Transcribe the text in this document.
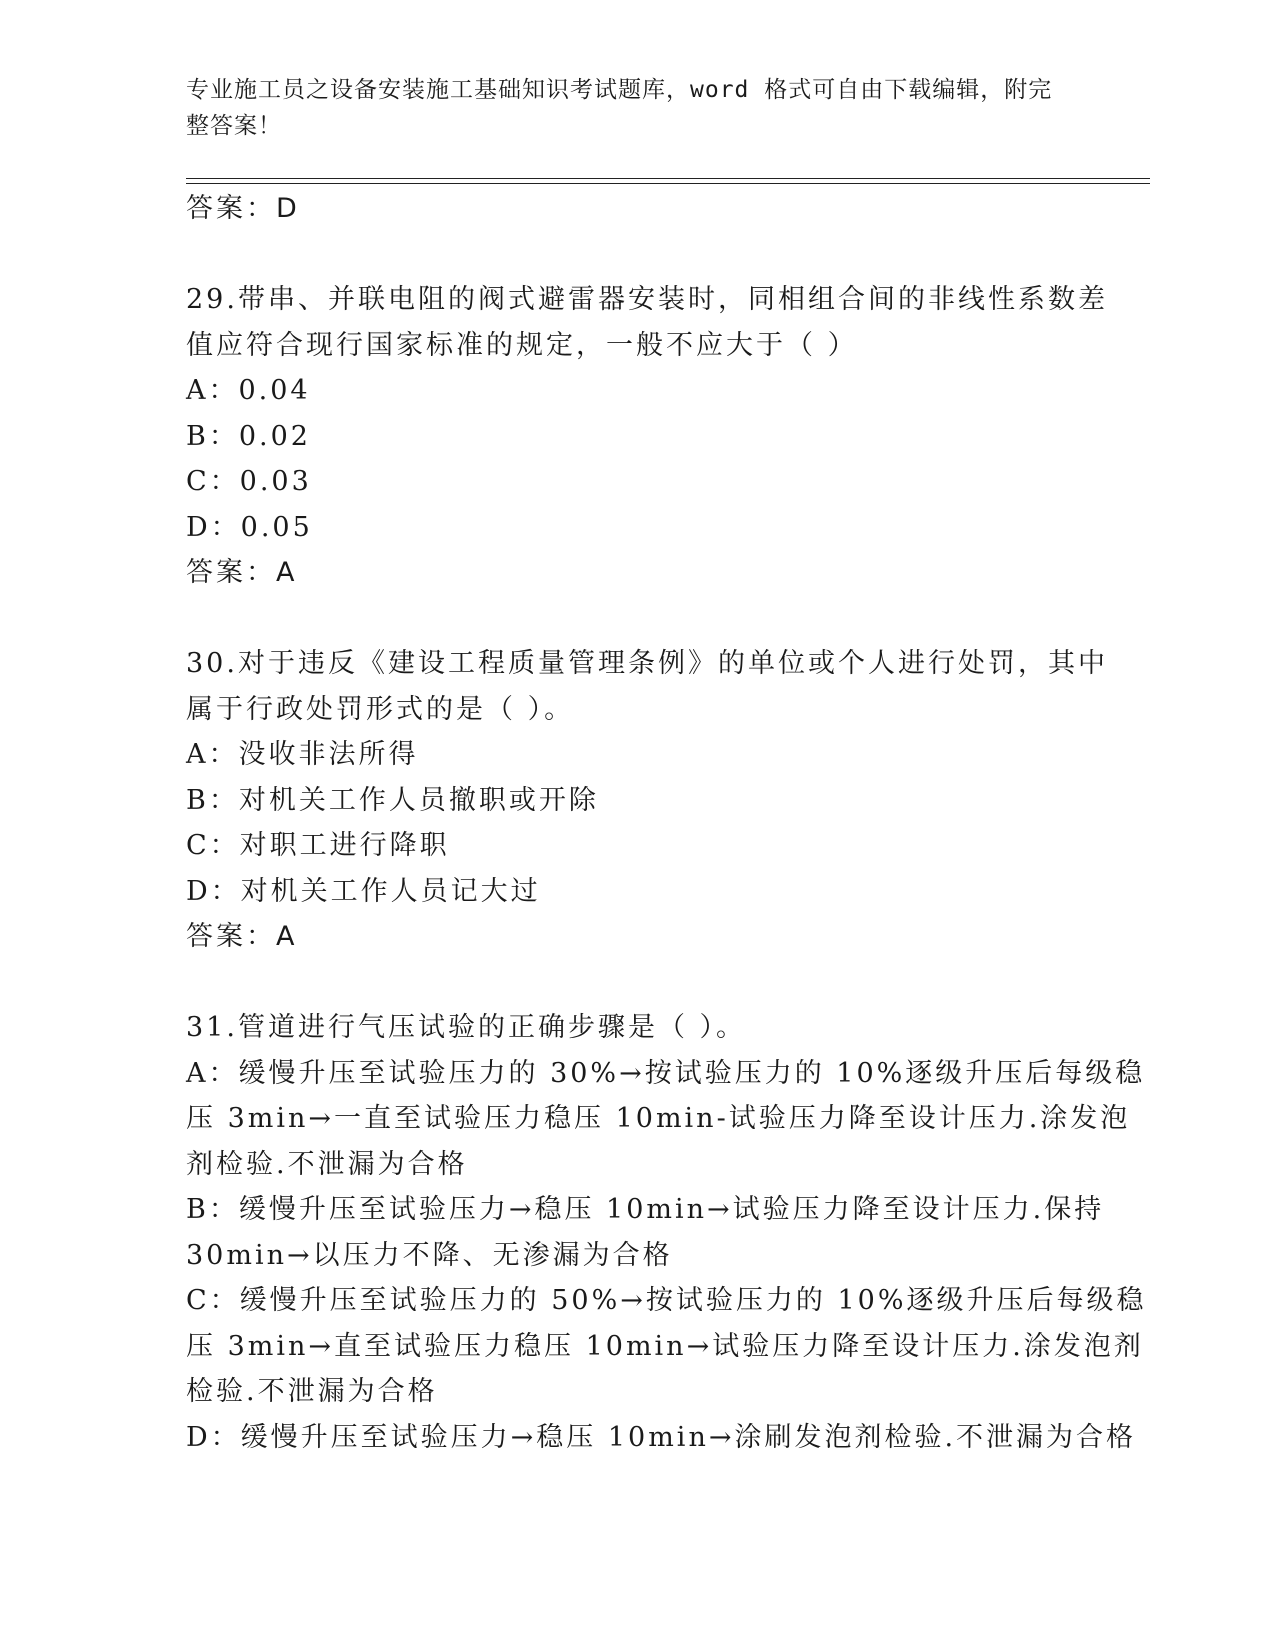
专业施工员之设备安装施工基础知识考试题库，word 格式可自由下载编辑，附完
整答案！
答案：D
29.带串、并联电阻的阀式避雷器安装时，同相组合间的非线性系数差
值应符合现行国家标准的规定，一般不应大于（ ）
A：0.04
B：0.02
C：0.03
D：0.05
答案：A
30.对于违反《建设工程质量管理条例》的单位或个人进行处罚，其中
属于行政处罚形式的是（ ）。
A：没收非法所得
B：对机关工作人员撤职或开除
C：对职工进行降职
D：对机关工作人员记大过
答案：A
31.管道进行气压试验的正确步骤是（ ）。
A：缓慢升压至试验压力的 30%→按试验压力的 10%逐级升压后每级稳
压 3min→一直至试验压力稳压 10min-试验压力降至设计压力.涂发泡
剂检验.不泄漏为合格
B：缓慢升压至试验压力→稳压 10min→试验压力降至设计压力.保持
30min→以压力不降、无渗漏为合格
C：缓慢升压至试验压力的 50%→按试验压力的 10%逐级升压后每级稳
压 3min→直至试验压力稳压 10min→试验压力降至设计压力.涂发泡剂
检验.不泄漏为合格
D：缓慢升压至试验压力→稳压 10min→涂刷发泡剂检验.不泄漏为合格
